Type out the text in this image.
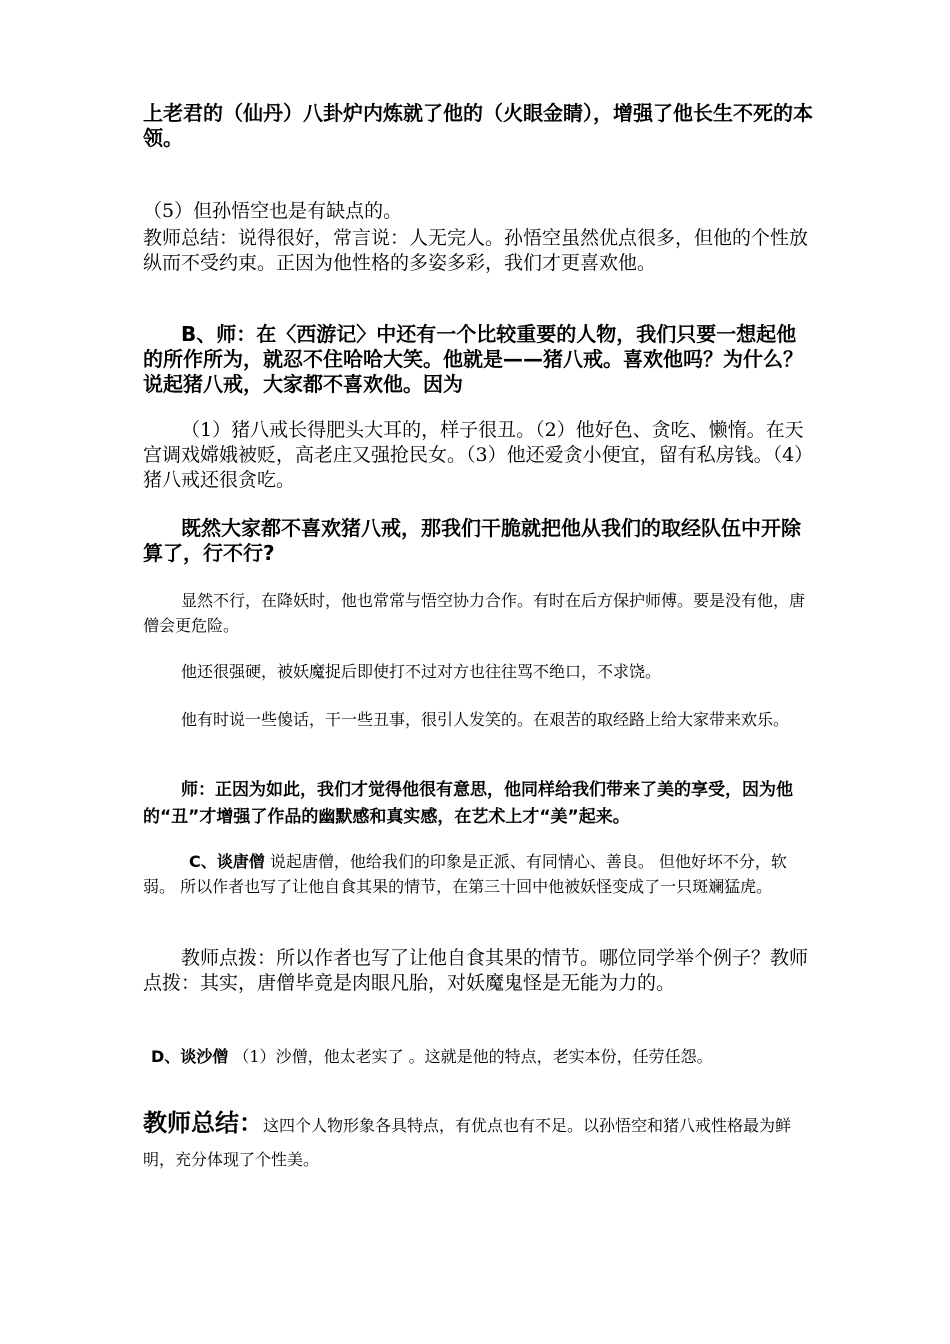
上老君的（仙丹）八卦炉内炼就了他的（火眼金睛），增强了他长生不死的本领。

（5）但孙悟空也是有缺点的。

教师总结：说得很好，常言说：人无完人。孙悟空虽然优点很多，但他的个性放纵而不受约束。正因为他性格的多姿多彩，我们才更喜欢他。

B、师：在〈西游记〉中还有一个比较重要的人物，我们只要一想起他的所作所为，就忍不住哈哈大笑。他就是——猪八戒。喜欢他吗？为什么？说起猪八戒，大家都不喜欢他。因为

（1）猪八戒长得肥头大耳的，样子很丑。（2）他好色、贪吃、懒惰。在天宫调戏嫦娥被贬，高老庄又强抢民女。（3）他还爱贪小便宜，留有私房钱。（4）猪八戒还很贪吃。

既然大家都不喜欢猪八戒，那我们干脆就把他从我们的取经队伍中开除算了，行不行?

显然不行，在降妖时，他也常常与悟空协力合作。有时在后方保护师傅。要是没有他，唐僧会更危险。

他还很强硬，被妖魔捉后即使打不过对方也往往骂不绝口，不求饶。

他有时说一些傻话，干一些丑事，很引人发笑的。在艰苦的取经路上给大家带来欢乐。

师：正因为如此，我们才觉得他很有意思，他同样给我们带来了美的享受，因为他的“丑”才增强了作品的幽默感和真实感，在艺术上才“美”起来。

C、谈唐僧 说起唐僧，他给我们的印象是正派、有同情心、善良。 但他好坏不分，软弱。 所以作者也写了让他自食其果的情节，在第三十回中他被妖怪变成了一只斑斓猛虎。

教师点拨：所以作者也写了让他自食其果的情节。哪位同学举个例子？教师点拨：其实，唐僧毕竟是肉眼凡胎，对妖魔鬼怪是无能为力的。

D、谈沙僧 （1）沙僧，他太老实了 。这就是他的特点，老实本份，任劳任怨。

教师总结：这四个人物形象各具特点，有优点也有不足。以孙悟空和猪八戒性格最为鲜明，充分体现了个性美。
